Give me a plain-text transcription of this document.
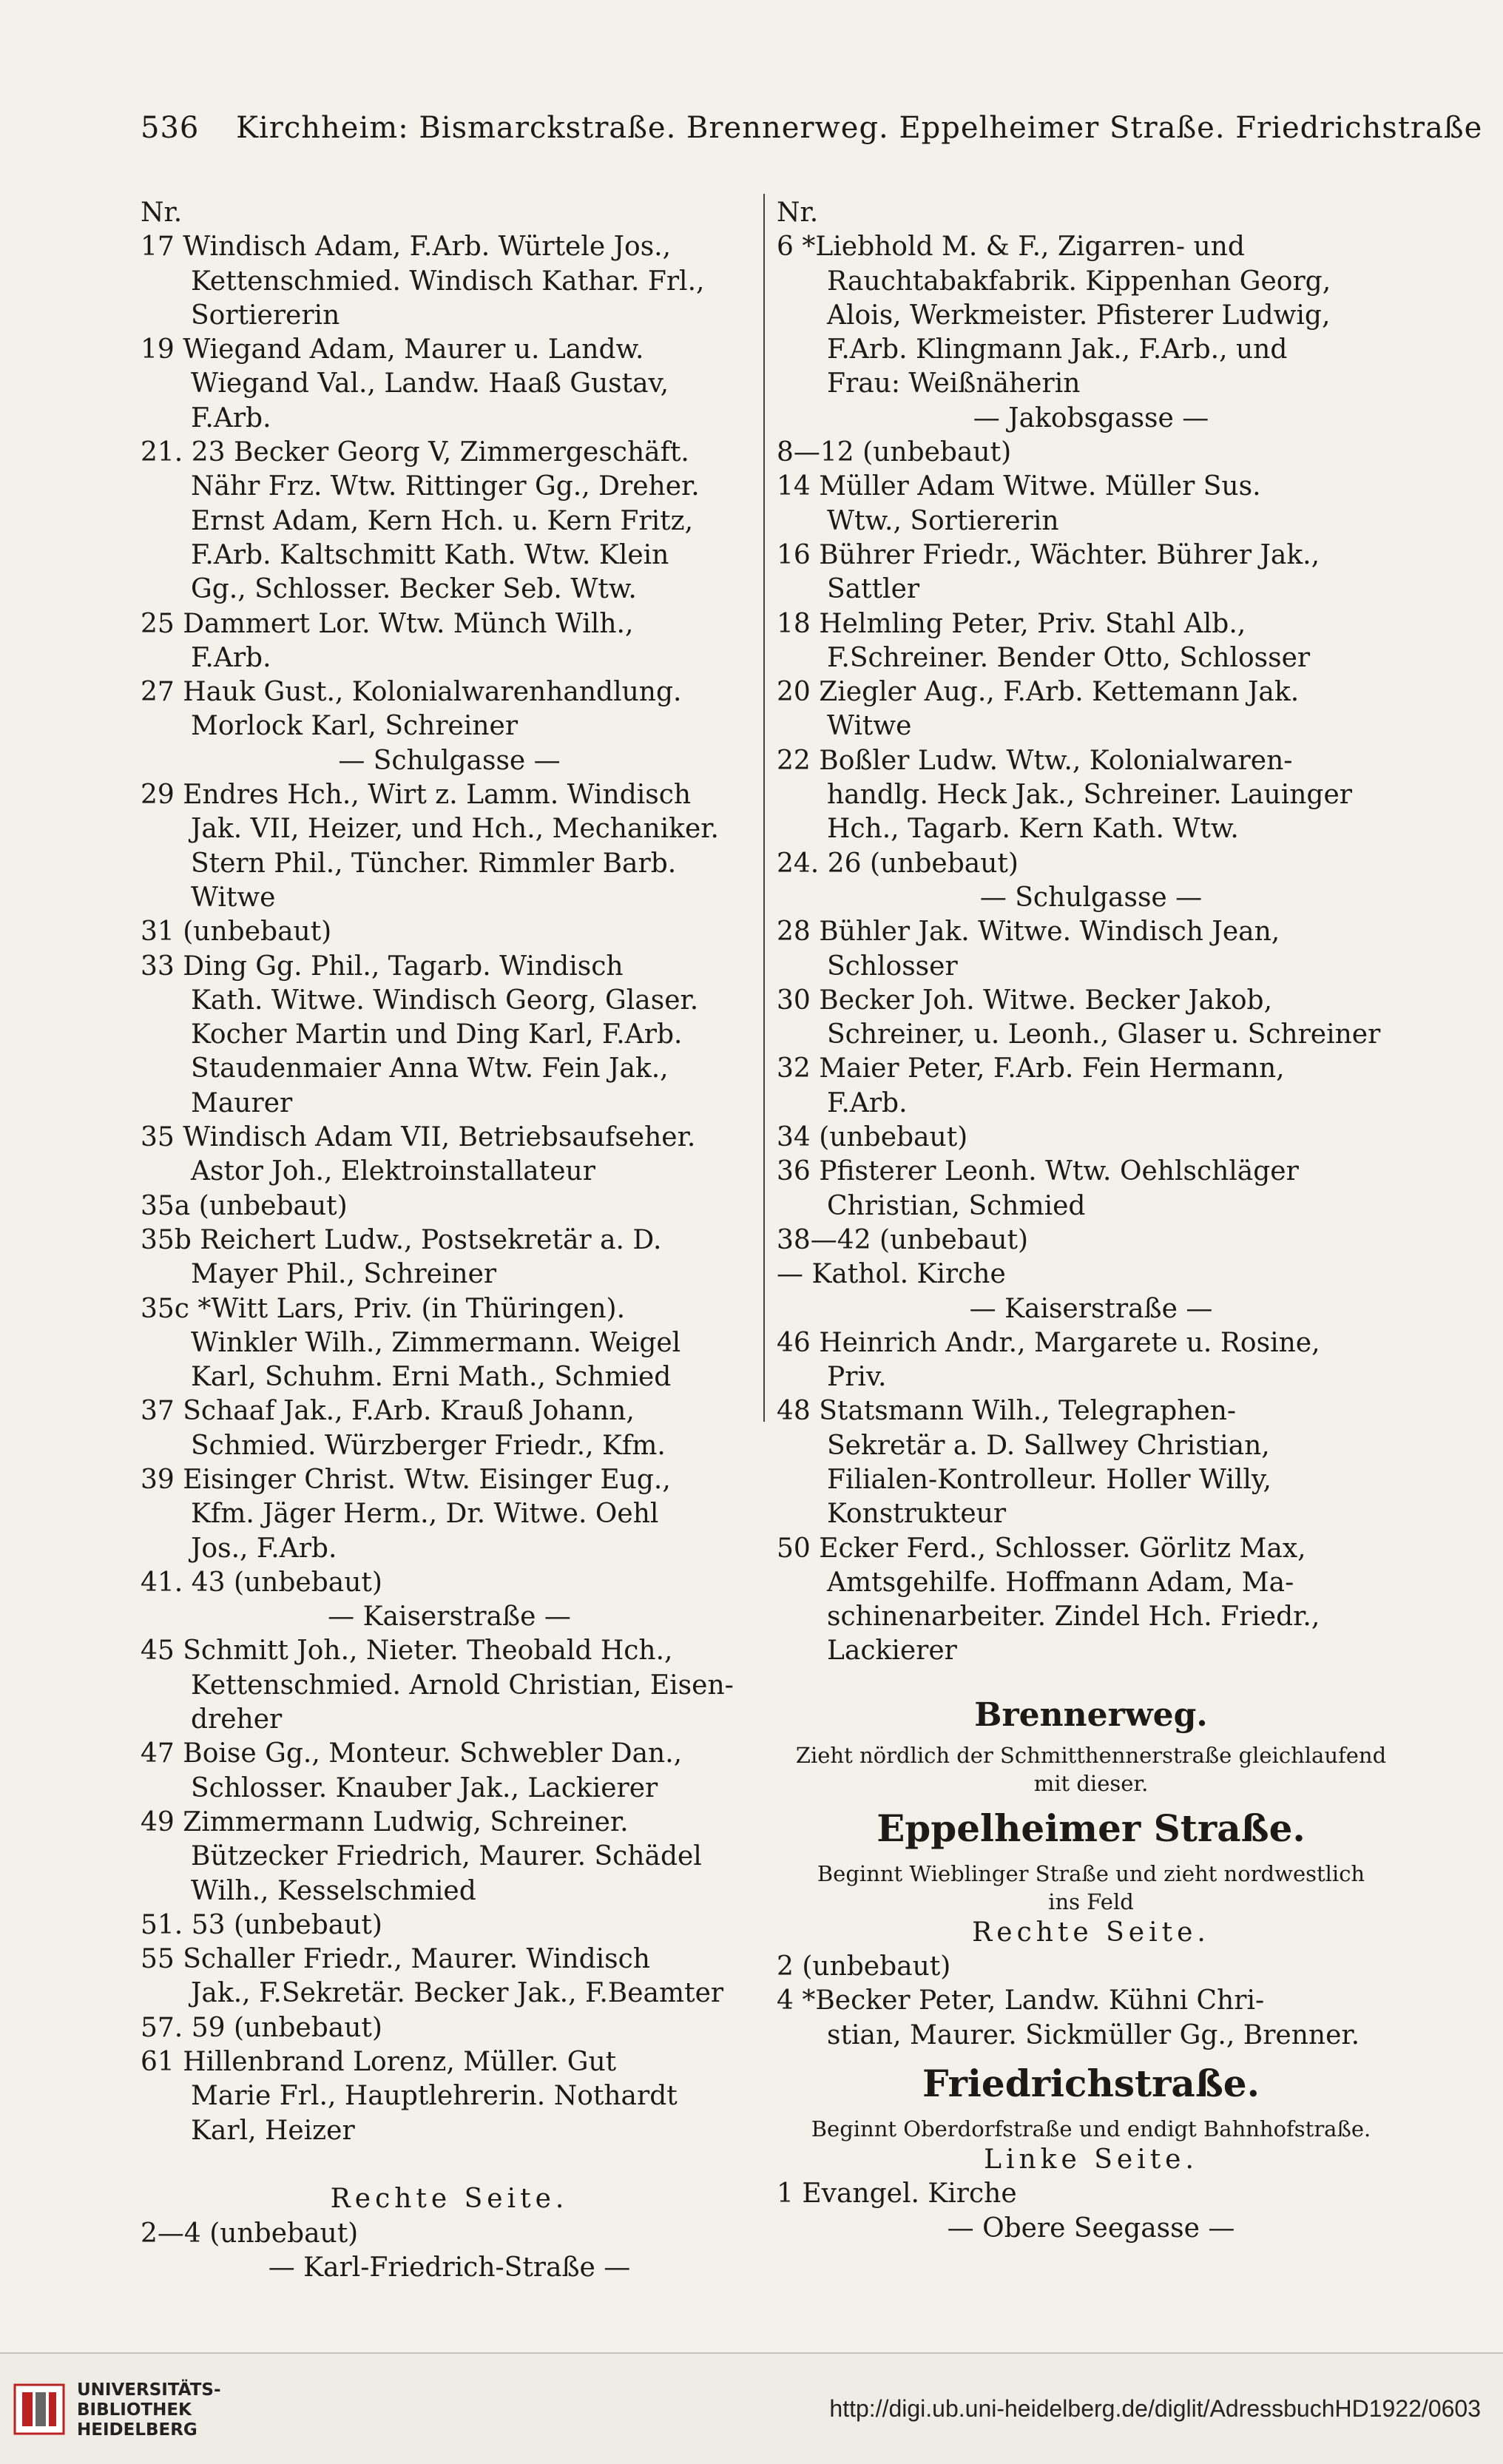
536 Kirchheim: Bismarckstraße. Brennerweg. Eppelheimer Straße. Friedrichstraße
Nr.
17 Windisch Adam, F.Arb. Würtele Jos.,
Kettenschmied. Windisch Kathar. Frl.,
Sortiererin
19 Wiegand Adam, Maurer u. Landw.
Wiegand Val., Landw. Haaß Gustav,
F.Arb.
21. 23 Becker Georg V, Zimmergeschäft.
Nähr Frz. Wtw. Rittinger Gg., Dreher.
Ernst Adam, Kern Hch. u. Kern Fritz,
F.Arb. Kaltschmitt Kath. Wtw. Klein
Gg., Schlosser. Becker Seb. Wtw.
25 Dammert Lor. Wtw. Münch Wilh.,
F.Arb.
27 Hauk Gust., Kolonialwarenhandlung.
Morlock Karl, Schreiner
— Schulgasse —
29 Endres Hch., Wirt z. Lamm. Windisch
Jak. VII, Heizer, und Hch., Mechaniker.
Stern Phil., Tüncher. Rimmler Barb.
Witwe
31 (unbebaut)
33 Ding Gg. Phil., Tagarb. Windisch
Kath. Witwe. Windisch Georg, Glaser.
Kocher Martin und Ding Karl, F.Arb.
Staudenmaier Anna Wtw. Fein Jak.,
Maurer
35 Windisch Adam VII, Betriebsaufseher.
Astor Joh., Elektroinstallateur
35a (unbebaut)
35b Reichert Ludw., Postsekretär a. D.
Mayer Phil., Schreiner
35c *Witt Lars, Priv. (in Thüringen).
Winkler Wilh., Zimmermann. Weigel
Karl, Schuhm. Erni Math., Schmied
37 Schaaf Jak., F.Arb. Krauß Johann,
Schmied. Würzberger Friedr., Kfm.
39 Eisinger Christ. Wtw. Eisinger Eug.,
Kfm. Jäger Herm., Dr. Witwe. Oehl
Jos., F.Arb.
41. 43 (unbebaut)
— Kaiserstraße —
45 Schmitt Joh., Nieter. Theobald Hch.,
Kettenschmied. Arnold Christian, Eisen-
dreher
47 Boise Gg., Monteur. Schwebler Dan.,
Schlosser. Knauber Jak., Lackierer
49 Zimmermann Ludwig, Schreiner.
Bützecker Friedrich, Maurer. Schädel
Wilh., Kesselschmied
51. 53 (unbebaut)
55 Schaller Friedr., Maurer. Windisch
Jak., F.Sekretär. Becker Jak., F.Beamter
57. 59 (unbebaut)
61 Hillenbrand Lorenz, Müller. Gut
Marie Frl., Hauptlehrerin. Nothardt
Karl, Heizer
Rechte Seite.
2—4 (unbebaut)
— Karl-Friedrich-Straße —
Nr.
6 *Liebhold M. & F., Zigarren- und
Rauchtabakfabrik. Kippenhan Georg,
Alois, Werkmeister. Pfisterer Ludwig,
F.Arb. Klingmann Jak., F.Arb., und
Frau: Weißnäherin
— Jakobsgasse —
8—12 (unbebaut)
14 Müller Adam Witwe. Müller Sus.
Wtw., Sortiererin
16 Bührer Friedr., Wächter. Bührer Jak.,
Sattler
18 Helmling Peter, Priv. Stahl Alb.,
F.Schreiner. Bender Otto, Schlosser
20 Ziegler Aug., F.Arb. Kettemann Jak.
Witwe
22 Boßler Ludw. Wtw., Kolonialwaren-
handlg. Heck Jak., Schreiner. Lauinger
Hch., Tagarb. Kern Kath. Wtw.
24. 26 (unbebaut)
— Schulgasse —
28 Bühler Jak. Witwe. Windisch Jean,
Schlosser
30 Becker Joh. Witwe. Becker Jakob,
Schreiner, u. Leonh., Glaser u. Schreiner
32 Maier Peter, F.Arb. Fein Hermann,
F.Arb.
34 (unbebaut)
36 Pfisterer Leonh. Wtw. Oehlschläger
Christian, Schmied
38—42 (unbebaut)
— Kathol. Kirche
— Kaiserstraße —
46 Heinrich Andr., Margarete u. Rosine,
Priv.
48 Statsmann Wilh., Telegraphen-
Sekretär a. D. Sallwey Christian,
Filialen-Kontrolleur. Holler Willy,
Konstrukteur
50 Ecker Ferd., Schlosser. Görlitz Max,
Amtsgehilfe. Hoffmann Adam, Ma-
schinenarbeiter. Zindel Hch. Friedr.,
Lackierer
Brennerweg.
Zieht nördlich der Schmitthennerstraße gleichlaufend
mit dieser.
Eppelheimer Straße.
Beginnt Wieblinger Straße und zieht nordwestlich
ins Feld
Rechte Seite.
2 (unbebaut)
4 *Becker Peter, Landw. Kühni Chri-
stian, Maurer. Sickmüller Gg., Brenner.
Friedrichstraße.
Beginnt Oberdorfstraße und endigt Bahnhofstraße.
Linke Seite.
1 Evangel. Kirche
— Obere Seegasse —
UNIVERSITÄTS-
BIBLIOTHEK
HEIDELBERG
http://digi.ub.uni-heidelberg.de/diglit/AdressbuchHD1922/0603
